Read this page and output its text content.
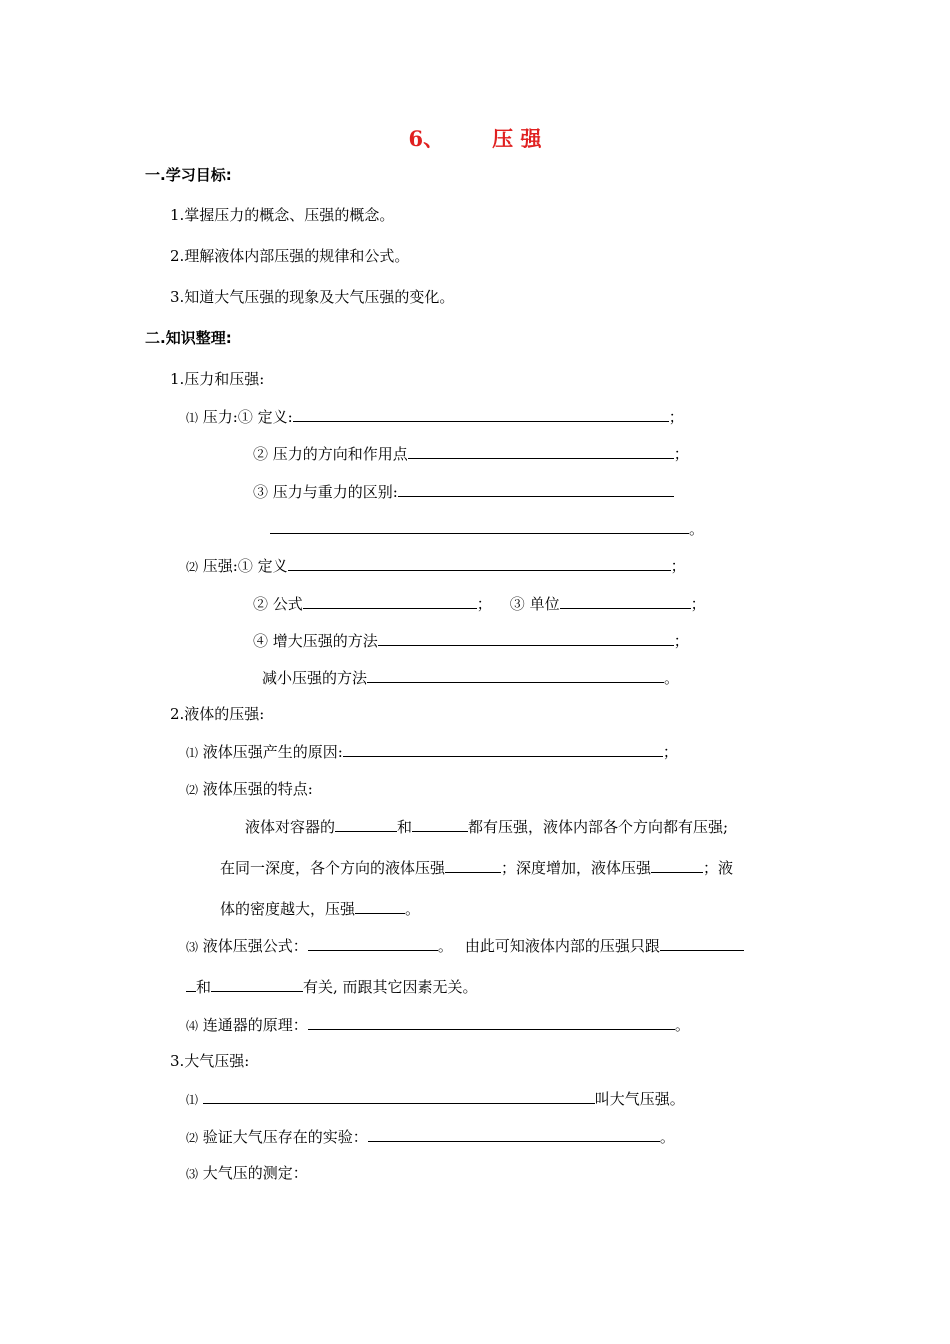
6、 压 强
一.学习目标:
1.掌握压力的概念、压强的概念。
2.理解液体内部压强的规律和公式。
3.知道大气压强的现象及大气压强的变化。
二.知识整理:
1.压力和压强:
⑴ 压力:① 定义:	；
② 压力的方向和作用点	；
③ 压力与重力的区别:
。
⑵ 压强:① 定义	；
② 公式	； ③ 单位	；
④ 增大压强的方法	；
减小压强的方法	。
2.液体的压强:
⑴ 液体压强产生的原因:	；
⑵ 液体压强的特点:
液体对容器的	和	都有压强，液体内部各个方向都有压强;
在同一深度，各个方向的液体压强	；深度增加，液体压强	；液
体的密度越大，压强	。
⑶ 液体压强公式：	。 由此可知液体内部的压强只跟
和	有关, 而跟其它因素无关。
⑷ 连通器的原理：	。
3.大气压强:
⑴	叫大气压强。
⑵ 验证大气压存在的实验：	。
⑶ 大气压的测定：
